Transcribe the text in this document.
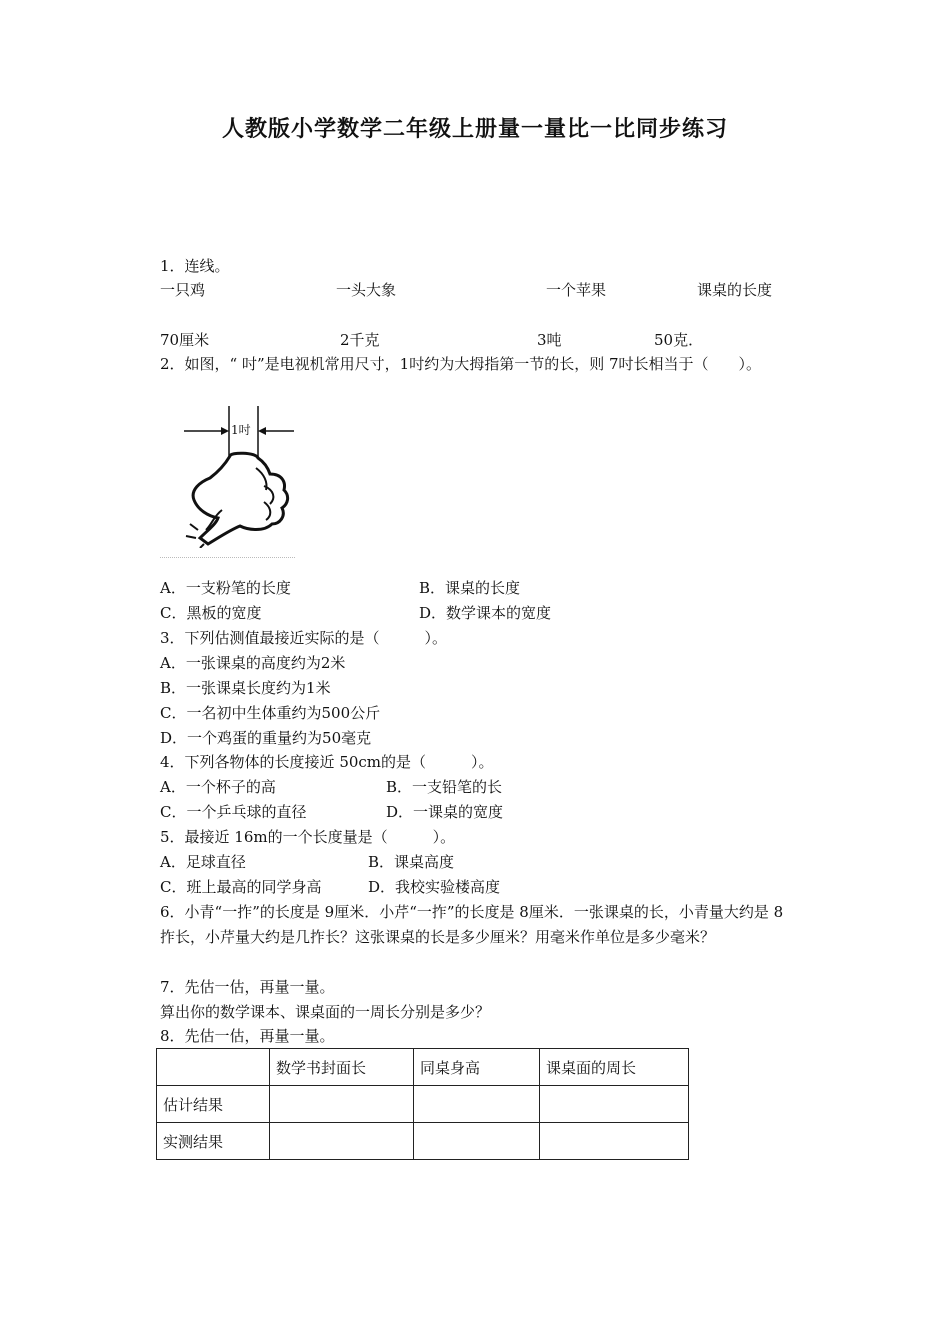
人教版小学数学二年级上册量一量比一比同步练习
1．连线。
一只鸡	一头大象	一个苹果	课桌的长度
70厘米	2千克	3吨	50克．
2．如图，“ 吋”是电视机常用尺寸，1吋约为大拇指第一节的长，则 7吋长相当于（　　）。
1吋
A．一支粉笔的长度	B．课桌的长度
C．黑板的宽度	D．数学课本的宽度
3．下列估测值最接近实际的是（　　　）。
A．一张课桌的高度约为2米
B．一张课桌长度约为1米
C．一名初中生体重约为500公斤
D．一个鸡蛋的重量约为50毫克
4．下列各物体的长度接近 50cm的是（　　　）。
A．一个杯子的高	B．一支铅笔的长
C．一个乒乓球的直径	D．一课桌的宽度
5．最接近 16m的一个长度量是（　　　）。
A．足球直径	B．课桌高度
C．班上最高的同学身高	D．我校实验楼高度
6．小青“一拃”的长度是 9厘米．小芹“一拃”的长度是 8厘米．一张课桌的长，小青量大约是 8拃长，小芹量大约是几拃长？这张课桌的长是多少厘米？用毫米作单位是多少毫米？
7．先估一估，再量一量。
算出你的数学课本、课桌面的一周长分别是多少？
8．先估一估，再量一量。
	数学书封面长	同桌身高	课桌面的周长
估计结果			
实测结果			
